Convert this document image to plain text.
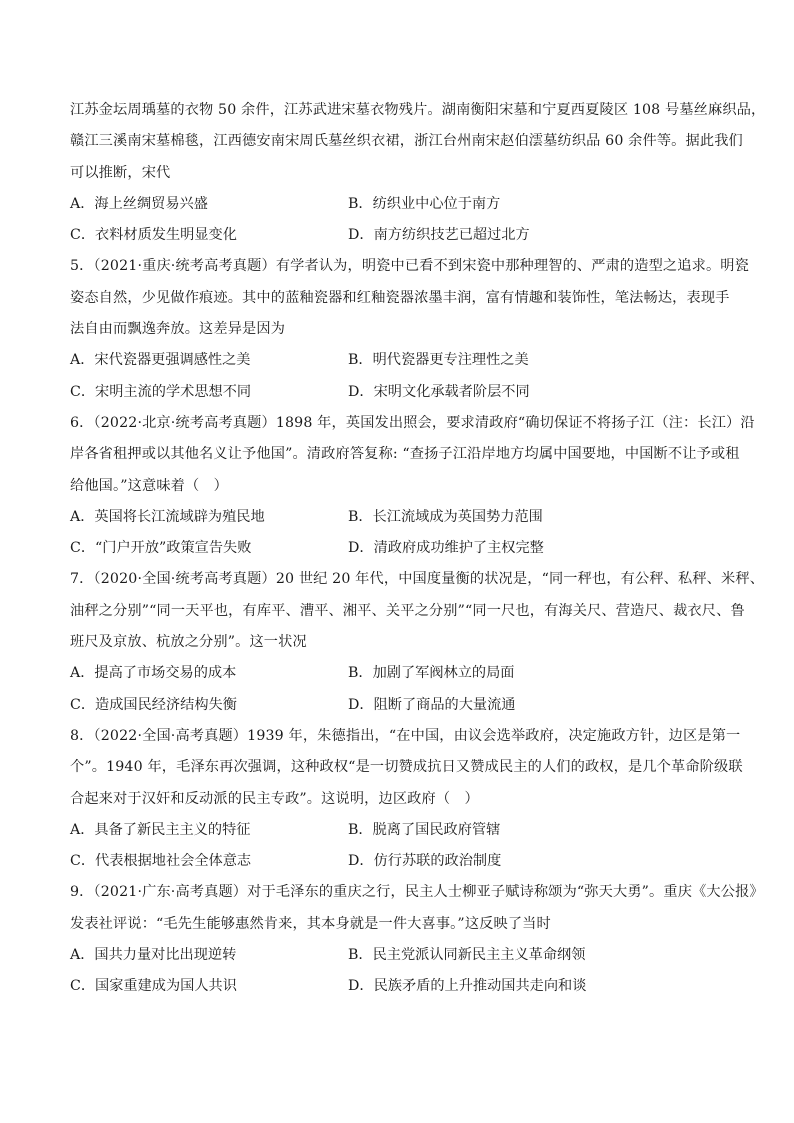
江苏金坛周瑀墓的衣物 50 余件，江苏武进宋墓衣物残片。湖南衡阳宋墓和宁夏西夏陵区 108 号墓丝麻织品，
赣江三溪南宋墓棉毯，江西德安南宋周氏墓丝织衣裙，浙江台州南宋赵伯澐墓纺织品 60 余件等。据此我们
可以推断，宋代
A．海上丝绸贸易兴盛	B．纺织业中心位于南方
C．衣料材质发生明显变化	D．南方纺织技艺已超过北方
5．（2021·重庆·统考高考真题）有学者认为，明瓷中已看不到宋瓷中那种理智的、严肃的造型之追求。明瓷
姿态自然，少见做作痕迹。其中的蓝釉瓷器和红釉瓷器浓墨丰润，富有情趣和装饰性，笔法畅达，表现手
法自由而飘逸奔放。这差异是因为
A．宋代瓷器更强调感性之美	B．明代瓷器更专注理性之美
C．宋明主流的学术思想不同	D．宋明文化承载者阶层不同
6．（2022·北京·统考高考真题）1898 年，英国发出照会，要求清政府“确切保证不将扬子江（注：长江）沿
岸各省租押或以其他名义让予他国”。清政府答复称: “查扬子江沿岸地方均属中国要地，中国断不让予或租
给他国。”这意味着（　）
A．英国将长江流域辟为殖民地	B．长江流域成为英国势力范围
C．“门户开放”政策宣告失败	D．清政府成功维护了主权完整
7．（2020·全国·统考高考真题）20 世纪 20 年代，中国度量衡的状况是，“同一秤也，有公秤、私秤、米秤、
油秤之分别”“同一天平也，有库平、漕平、湘平、关平之分别”“同一尺也，有海关尺、营造尺、裁衣尺、鲁
班尺及京放、杭放之分别”。这一状况
A．提高了市场交易的成本	B．加剧了军阀林立的局面
C．造成国民经济结构失衡	D．阻断了商品的大量流通
8．（2022·全国·高考真题）1939 年，朱德指出，“在中国，由议会选举政府，决定施政方针，边区是第一
个”。1940 年，毛泽东再次强调，这种政权“是一切赞成抗日又赞成民主的人们的政权，是几个革命阶级联
合起来对于汉奸和反动派的民主专政”。这说明，边区政府（　）
A．具备了新民主主义的特征	B．脱离了国民政府管辖
C．代表根据地社会全体意志	D．仿行苏联的政治制度
9．（2021·广东·高考真题）对于毛泽东的重庆之行，民主人士柳亚子赋诗称颂为“弥天大勇”。重庆《大公报》
发表社评说：“毛先生能够惠然肯来，其本身就是一件大喜事。”这反映了当时
A．国共力量对比出现逆转	B．民主党派认同新民主主义革命纲领
C．国家重建成为国人共识	D．民族矛盾的上升推动国共走向和谈
